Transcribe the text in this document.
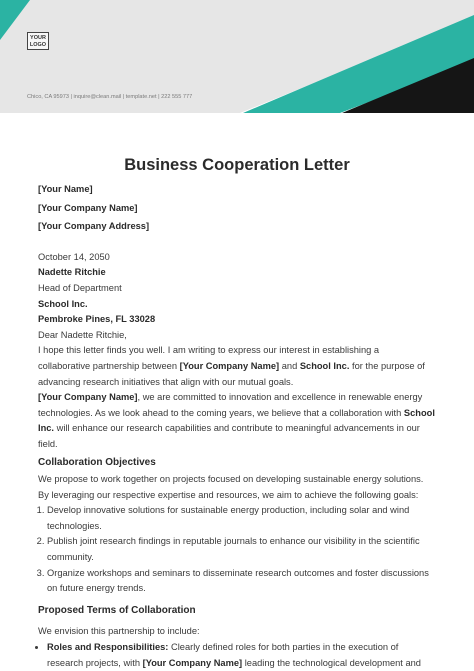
YOUR
LOGO
Chico, CA 95973 | inquire@clean.mail | template.net | 222 555 777
Business Cooperation Letter

[Your Name]

[Your Company Name]

[Your Company Address]

October 14, 2050

Nadette Ritchie

Head of Department

School Inc.

Pembroke Pines, FL 33028

Dear Nadette Ritchie,

I hope this letter finds you well. I am writing to express our interest in establishing a
collaborative partnership between [Your Company Name] and School Inc. for the purpose of
advancing research initiatives that align with our mutual goals.

[Your Company Name], we are committed to innovation and excellence in renewable energy
technologies. As we look ahead to the coming years, we believe that a collaboration with School
Inc. will enhance our research capabilities and contribute to meaningful advancements in our
field.

Collaboration Objectives

We propose to work together on projects focused on developing sustainable energy solutions.
By leveraging our respective expertise and resources, we aim to achieve the following goals:

1. Develop innovative solutions for sustainable energy production, including solar and wind
technologies.
2. Publish joint research findings in reputable journals to enhance our visibility in the scientific
community.
3. Organize workshops and seminars to disseminate research outcomes and foster discussions
on future energy trends.

Proposed Terms of Collaboration

We envision this partnership to include:

• Roles and Responsibilities: Clearly defined roles for both parties in the execution of
research projects, with [Your Company Name] leading the technological development and
